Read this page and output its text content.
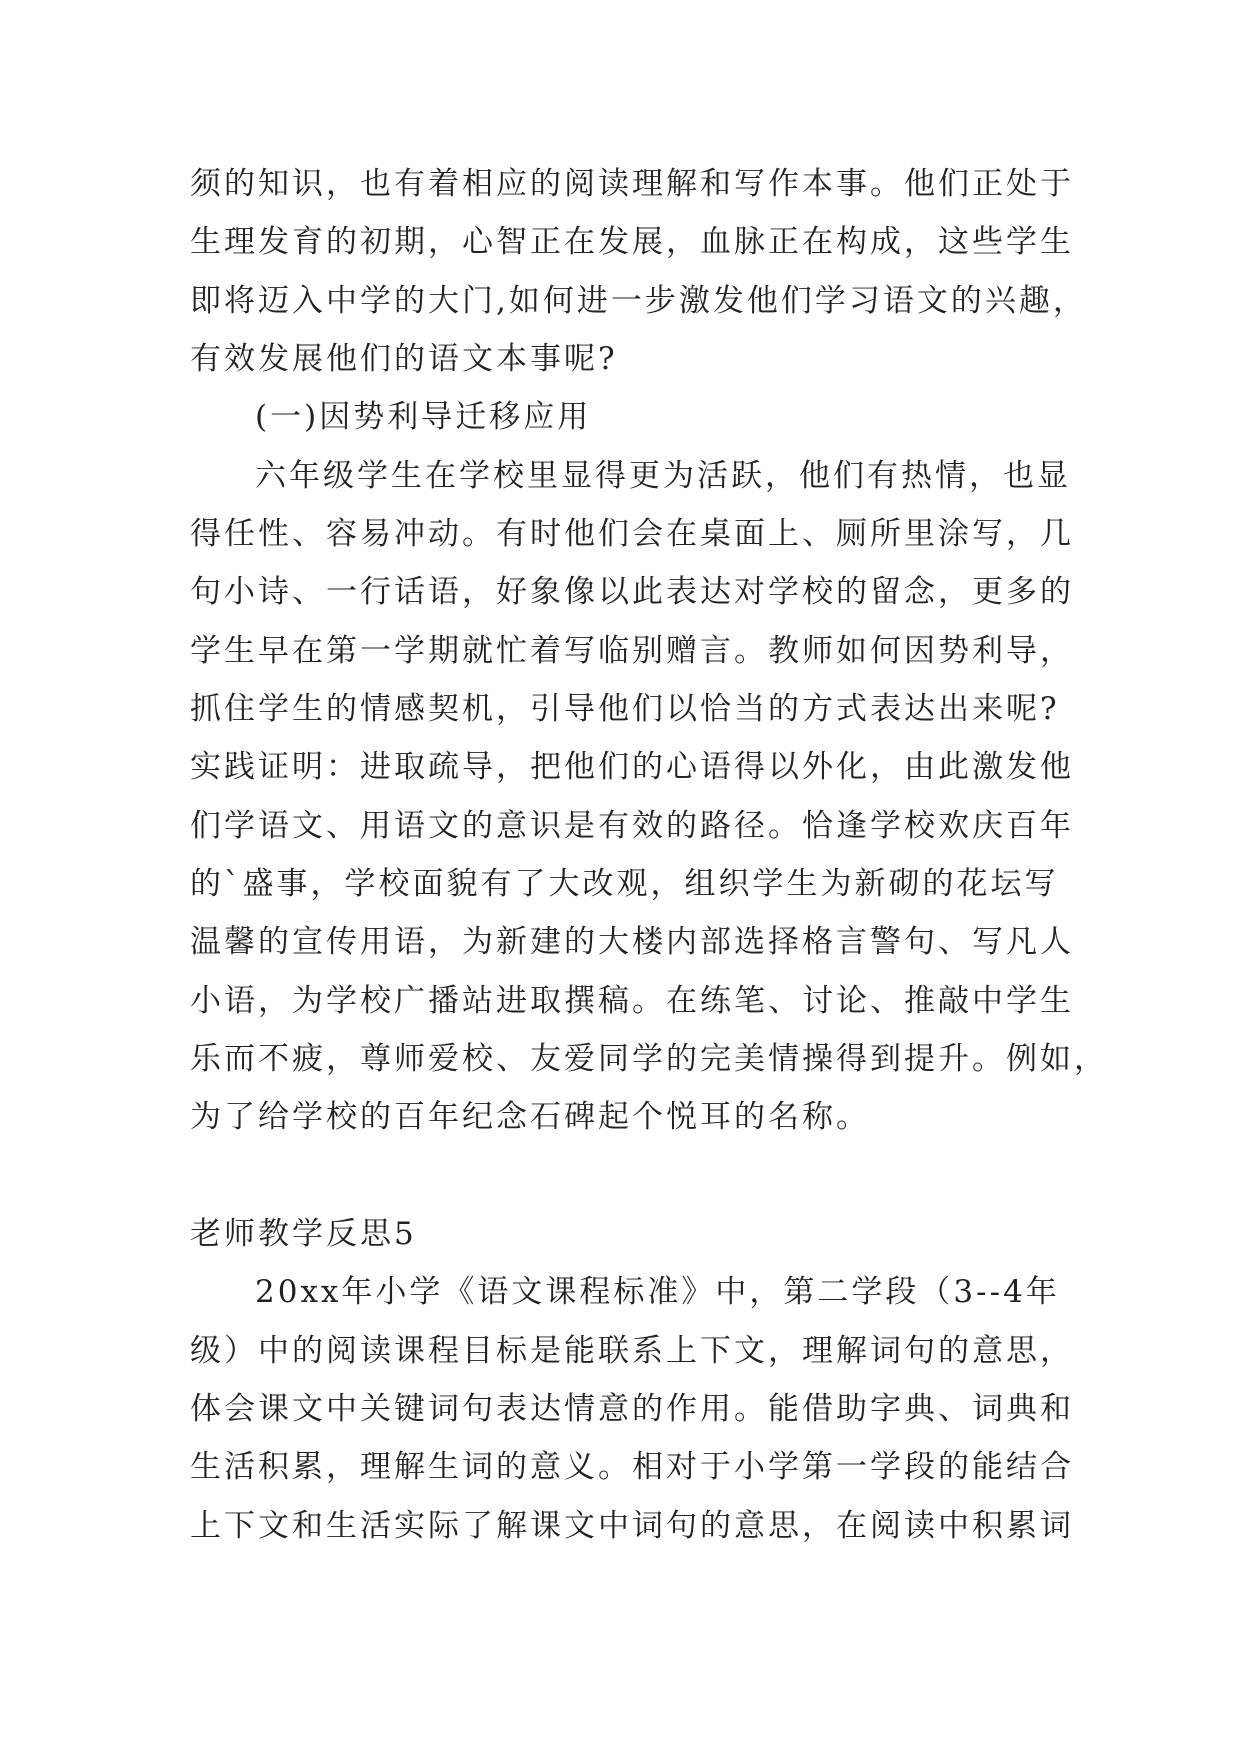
须的知识，也有着相应的阅读理解和写作本事。他们正处于
生理发育的初期，心智正在发展，血脉正在构成，这些学生
即将迈入中学的大门,如何进一步激发他们学习语文的兴趣，
有效发展他们的语文本事呢?
(一)因势利导迁移应用
六年级学生在学校里显得更为活跃，他们有热情，也显
得任性、容易冲动。有时他们会在桌面上、厕所里涂写，几
句小诗、一行话语，好象像以此表达对学校的留念，更多的
学生早在第一学期就忙着写临别赠言。教师如何因势利导，
抓住学生的情感契机，引导他们以恰当的方式表达出来呢?
实践证明：进取疏导，把他们的心语得以外化，由此激发他
们学语文、用语文的意识是有效的路径。恰逢学校欢庆百年
的`盛事，学校面貌有了大改观，组织学生为新砌的花坛写
温馨的宣传用语，为新建的大楼内部选择格言警句、写凡人
小语，为学校广播站进取撰稿。在练笔、讨论、推敲中学生
乐而不疲，尊师爱校、友爱同学的完美情操得到提升。例如，
为了给学校的百年纪念石碑起个悦耳的名称。
老师教学反思5
20xx年小学《语文课程标准》中，第二学段（3--4年
级）中的阅读课程目标是能联系上下文，理解词句的意思，
体会课文中关键词句表达情意的作用。能借助字典、词典和
生活积累，理解生词的意义。相对于小学第一学段的能结合
上下文和生活实际了解课文中词句的意思，在阅读中积累词
